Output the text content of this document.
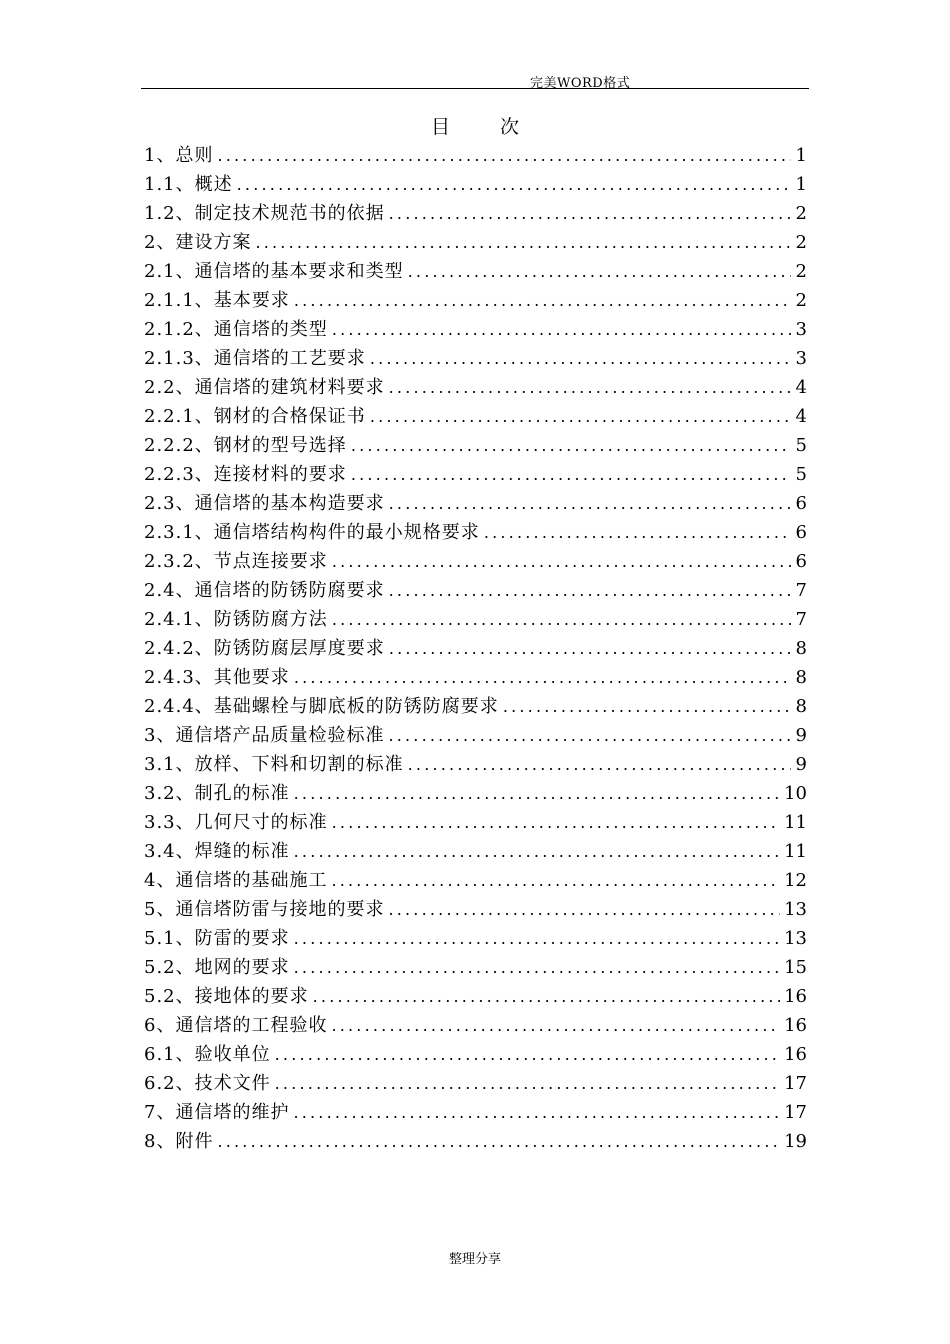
完美WORD格式
目 次
1、总则 .....	1
1.1、概述 .....	1
1.2、制定技术规范书的依据 .....	2
2、建设方案 .....	2
2.1、通信塔的基本要求和类型 .....	2
2.1.1、基本要求 .....	2
2.1.2、通信塔的类型 .....	3
2.1.3、通信塔的工艺要求 .....	3
2.2、通信塔的建筑材料要求 .....	4
2.2.1、钢材的合格保证书 .....	4
2.2.2、钢材的型号选择 .....	5
2.2.3、连接材料的要求 .....	5
2.3、通信塔的基本构造要求 .....	6
2.3.1、通信塔结构构件的最小规格要求 .....	6
2.3.2、节点连接要求 .....	6
2.4、通信塔的防锈防腐要求 .....	7
2.4.1、防锈防腐方法 .....	7
2.4.2、防锈防腐层厚度要求 .....	8
2.4.3、其他要求 .....	8
2.4.4、基础螺栓与脚底板的防锈防腐要求 .....	8
3、通信塔产品质量检验标准 .....	9
3.1、放样、下料和切割的标准 .....	9
3.2、制孔的标准 .....	10
3.3、几何尺寸的标准 .....	11
3.4、焊缝的标准 .....	11
4、通信塔的基础施工 .....	12
5、通信塔防雷与接地的要求 .....	13
5.1、防雷的要求 .....	13
5.2、地网的要求 .....	15
5.2、接地体的要求 .....	16
6、通信塔的工程验收 .....	16
6.1、验收单位 .....	16
6.2、技术文件 .....	17
7、通信塔的维护 .....	17
8、附件 .....	19
整理分享
